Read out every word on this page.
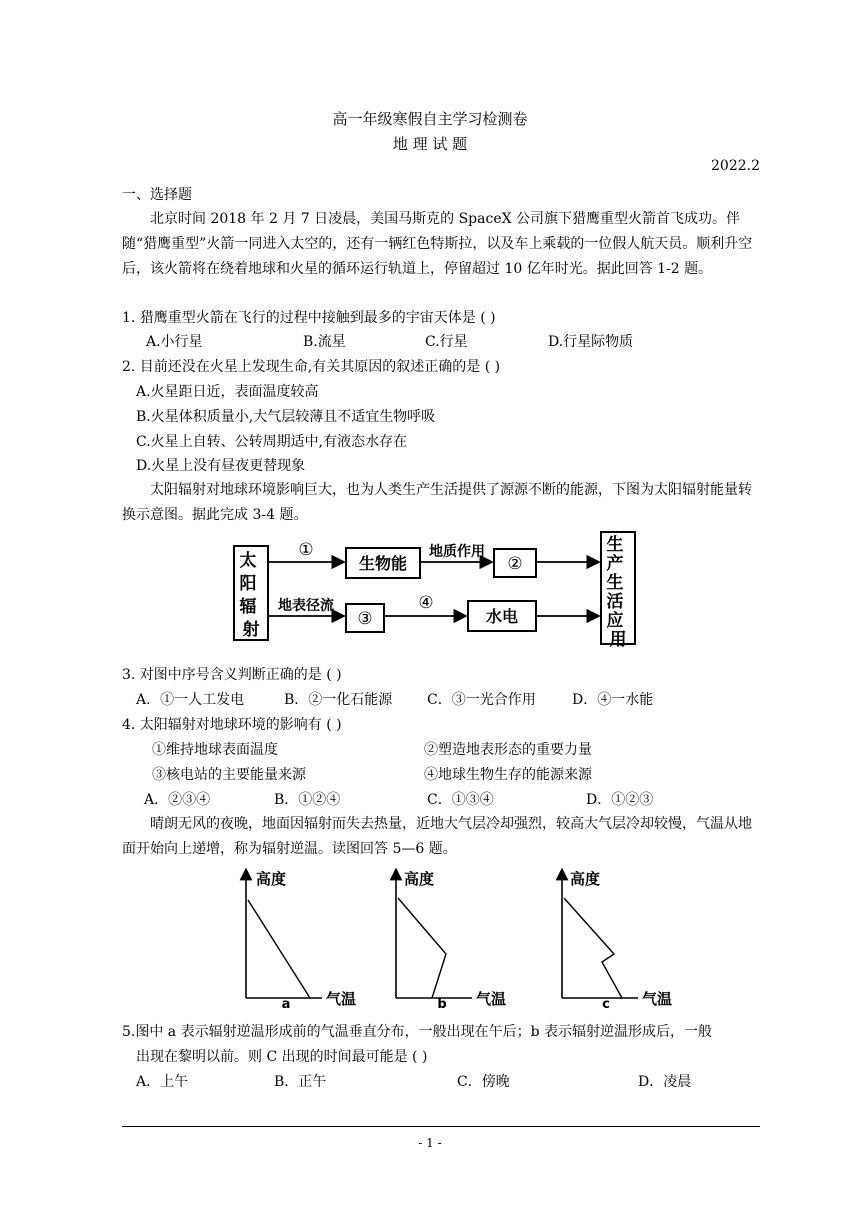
高一年级寒假自主学习检测卷
地 理 试 题
2022.2
一、选择题
北京时间 2018 年 2 月 7 日凌晨，美国马斯克的 SpaceX 公司旗下猎鹰重型火箭首飞成功。伴随“猎鹰重型”火箭一同进入太空的，还有一辆红色特斯拉，以及车上乘载的一位假人航天员。顺利升空后，该火箭将在绕着地球和火星的循环运行轨道上，停留超过 10 亿年时光。据此回答 1-2 题。
1. 猎鹰重型火箭在飞行的过程中接触到最多的宇宙天体是 ( )
A.小行星	B.流星	C.行星	D.行星际物质
2. 目前还没在火星上发现生命,有关其原因的叙述正确的是 ( )
A.火星距日近，表面温度较高
B.火星体积质量小,大气层较薄且不适宜生物呼吸
C.火星上自转、公转周期适中,有液态水存在
D.火星上没有昼夜更替现象
太阳辐射对地球环境影响巨大，也为人类生产生活提供了源源不断的能源，下图为太阳辐射能量转换示意图。据此完成 3-4 题。
太 阳 辐 射
①
生物能
地质作用
②
地表径流
③
④
水电
生 产 生 活 应 用
3. 对图中序号含义判断正确的是 ( )
A．①一人工发电	B．②一化石能源 C．③一光合作用	D．④一水能
4. 太阳辐射对地球环境的影响有 ( )
①维持地球表面温度	②塑造地表形态的重要力量
③核电站的主要能量来源	④地球生物生存的能源来源
A．②③④	B．①②④	C．①③④	D．①②③
晴朗无风的夜晚，地面因辐射而失去热量，近地大气层冷却强烈，较高大气层冷却较慢，气温从地面开始向上递增，称为辐射逆温。读图回答 5—6 题。
高度
气温
a
高度
气温
b
高度
气温
c
5.图中 a 表示辐射逆温形成前的气温垂直分布，一般出现在午后；b 表示辐射逆温形成后，一般
出现在黎明以前。则 C 出现的时间最可能是 ( )
A．上午	B．正午	C．傍晚	D．凌晨
- 1 -
